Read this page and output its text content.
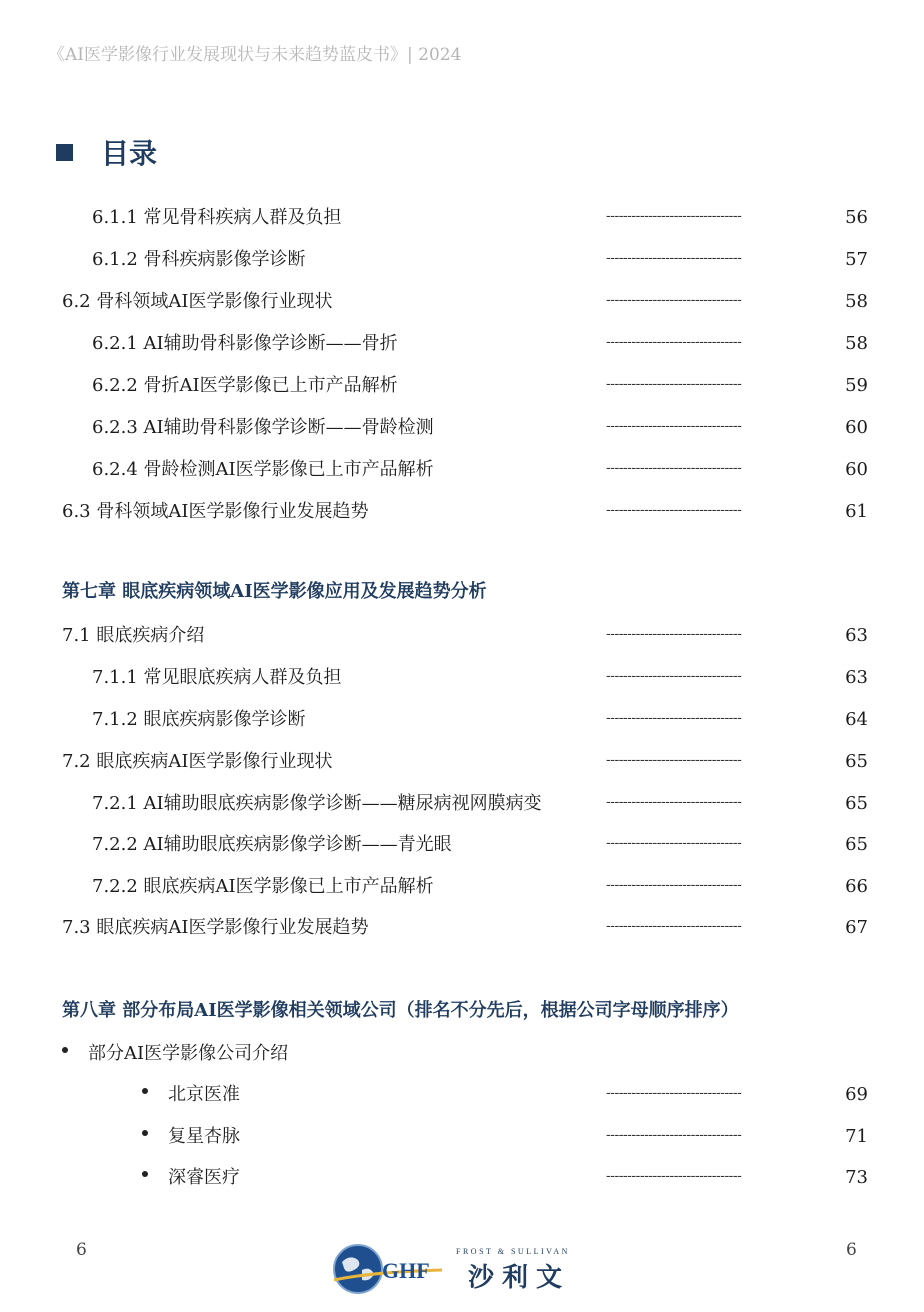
《AI医学影像行业发展现状与未来趋势蓝皮书》| 2024
目录
6.1.1 常见骨科疾病人群及负担	--------------------------------	56
6.1.2 骨科疾病影像学诊断	--------------------------------	57
6.2 骨科领域AI医学影像行业现状	--------------------------------	58
6.2.1 AI辅助骨科影像学诊断——骨折	--------------------------------	58
6.2.2 骨折AI医学影像已上市产品解析	--------------------------------	59
6.2.3 AI辅助骨科影像学诊断——骨龄检测	--------------------------------	60
6.2.4 骨龄检测AI医学影像已上市产品解析	--------------------------------	60
6.3 骨科领域AI医学影像行业发展趋势	--------------------------------	61
第七章 眼底疾病领域AI医学影像应用及发展趋势分析
7.1 眼底疾病介绍	--------------------------------	63
7.1.1 常见眼底疾病人群及负担	--------------------------------	63
7.1.2 眼底疾病影像学诊断	--------------------------------	64
7.2 眼底疾病AI医学影像行业现状	--------------------------------	65
7.2.1 AI辅助眼底疾病影像学诊断——糖尿病视网膜病变	--------------------------------	65
7.2.2 AI辅助眼底疾病影像学诊断——青光眼	--------------------------------	65
7.2.2 眼底疾病AI医学影像已上市产品解析	--------------------------------	66
7.3 眼底疾病AI医学影像行业发展趋势	--------------------------------	67
第八章 部分布局AI医学影像相关领域公司（排名不分先后，根据公司字母顺序排序）
部分AI医学影像公司介绍
北京医准	--------------------------------	69
复星杏脉	--------------------------------	71
深睿医疗	--------------------------------	73
6	6
GHF
FROST & SULLIVAN
沙利文
